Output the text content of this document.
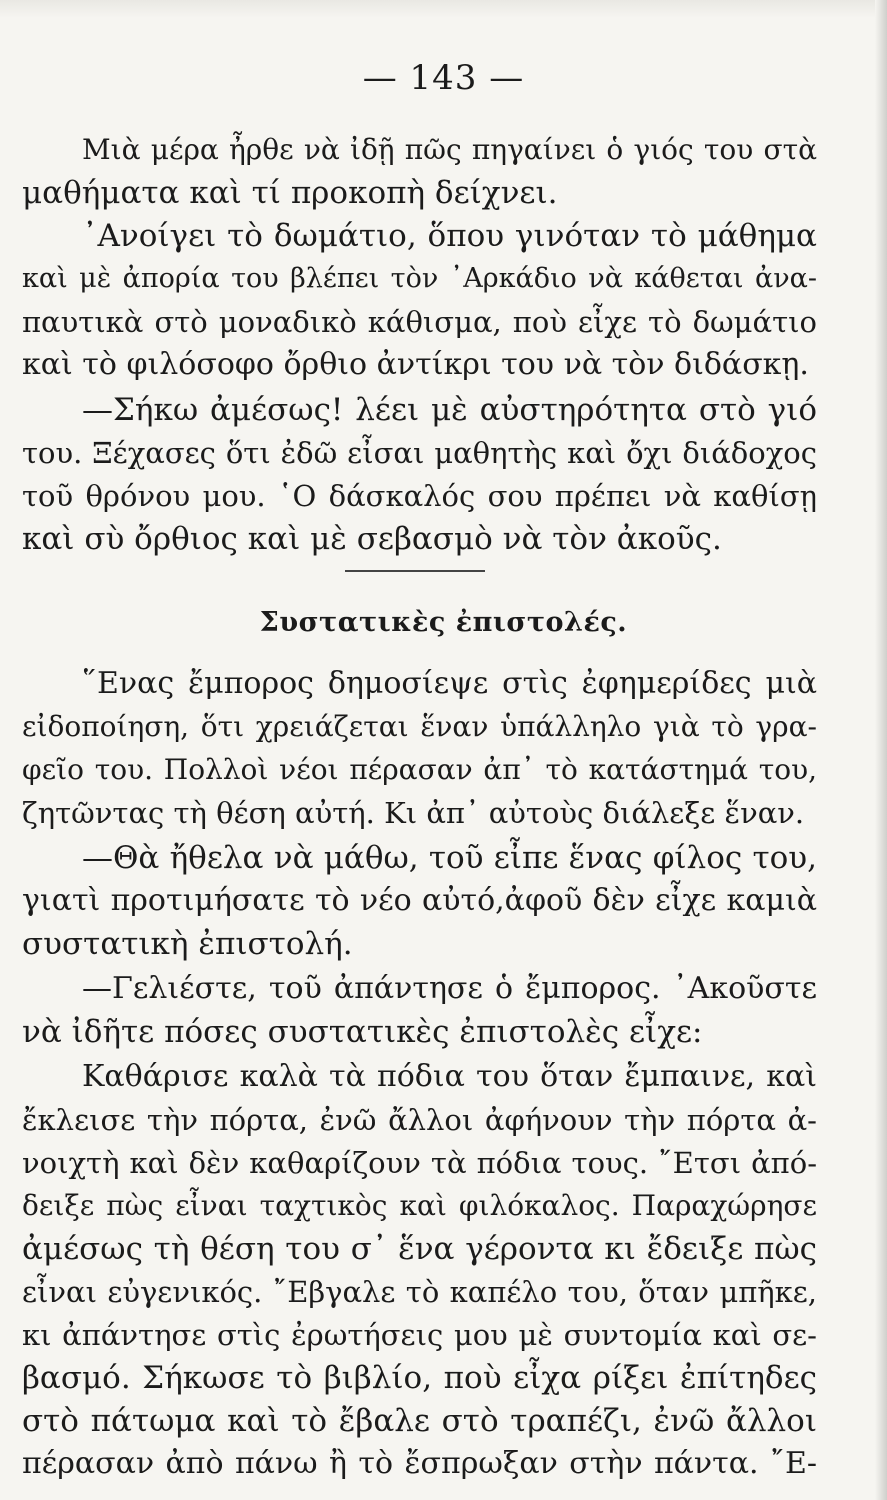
— 143 —
Μιὰ μέρα ἦρθε νὰ ἰδῇ πῶς πηγαίνει ὁ γιός του στὰ
μαθήματα καὶ τί προκοπὴ δείχνει.
᾿Ανοίγει τὸ δωμάτιο, ὅπου γινόταν τὸ μάθημα
καὶ μὲ ἀπορία του βλέπει τὸν ᾿Αρκάδιο νὰ κάθεται ἀνα-
παυτικὰ στὸ μοναδικὸ κάθισμα, ποὺ εἶχε τὸ δωμάτιο
καὶ τὸ φιλόσοφο ὄρθιο ἀντίκρι του νὰ τὸν διδάσκῃ.
—Σήκω ἀμέσως! λέει μὲ αὐστηρότητα στὸ γιό
του. Ξέχασες ὅτι ἐδῶ εἶσαι μαθητὴς καὶ ὄχι διάδοχος
τοῦ θρόνου μου. ῾Ο δάσκαλός σου πρέπει νὰ καθίσῃ
καὶ σὺ ὄρθιος καὶ μὲ σεβασμὸ νὰ τὸν ἀκοῦς.
Συστατικὲς ἐπιστολές.
῞Ενας ἔμπορος δημοσίεψε στὶς ἐφημερίδες μιὰ
εἰδοποίηση, ὅτι χρειάζεται ἕναν ὑπάλληλο γιὰ τὸ γρα-
φεῖο του. Πολλοὶ νέοι πέρασαν ἀπ᾿ τὸ κατάστημά του,
ζητῶντας τὴ θέση αὐτή. Κι ἀπ᾿ αὐτοὺς διάλεξε ἕναν.
—Θὰ ἤθελα νὰ μάθω, τοῦ εἶπε ἕνας φίλος του,
γιατὶ προτιμήσατε τὸ νέο αὐτό,ἀφοῦ δὲν εἶχε καμιὰ
συστατικὴ ἐπιστολή.
—Γελιέστε, τοῦ ἀπάντησε ὁ ἔμπορος. ᾿Ακοῦστε
νὰ ἰδῆτε πόσες συστατικὲς ἐπιστολὲς εἶχε:
Καθάρισε καλὰ τὰ πόδια του ὅταν ἔμπαινε, καὶ
ἔκλεισε τὴν πόρτα, ἐνῶ ἄλλοι ἀφήνουν τὴν πόρτα ἀ-
νοιχτὴ καὶ δὲν καθαρίζουν τὰ πόδια τους. ῎Ετσι ἀπό-
δειξε πὼς εἶναι ταχτικὸς καὶ φιλόκαλος. Παραχώρησε
ἀμέσως τὴ θέση του σ᾿ ἕνα γέροντα κι ἔδειξε πὼς
εἶναι εὐγενικός. ῎Εβγαλε τὸ καπέλο του, ὅταν μπῆκε,
κι ἀπάντησε στὶς ἐρωτήσεις μου μὲ συντομία καὶ σε-
βασμό. Σήκωσε τὸ βιβλίο, ποὺ εἶχα ρίξει ἐπίτηδες
στὸ πάτωμα καὶ τὸ ἔβαλε στὸ τραπέζι, ἐνῶ ἄλλοι
πέρασαν ἀπὸ πάνω ἢ τὸ ἔσπρωξαν στὴν πάντα. ῎Ε-
